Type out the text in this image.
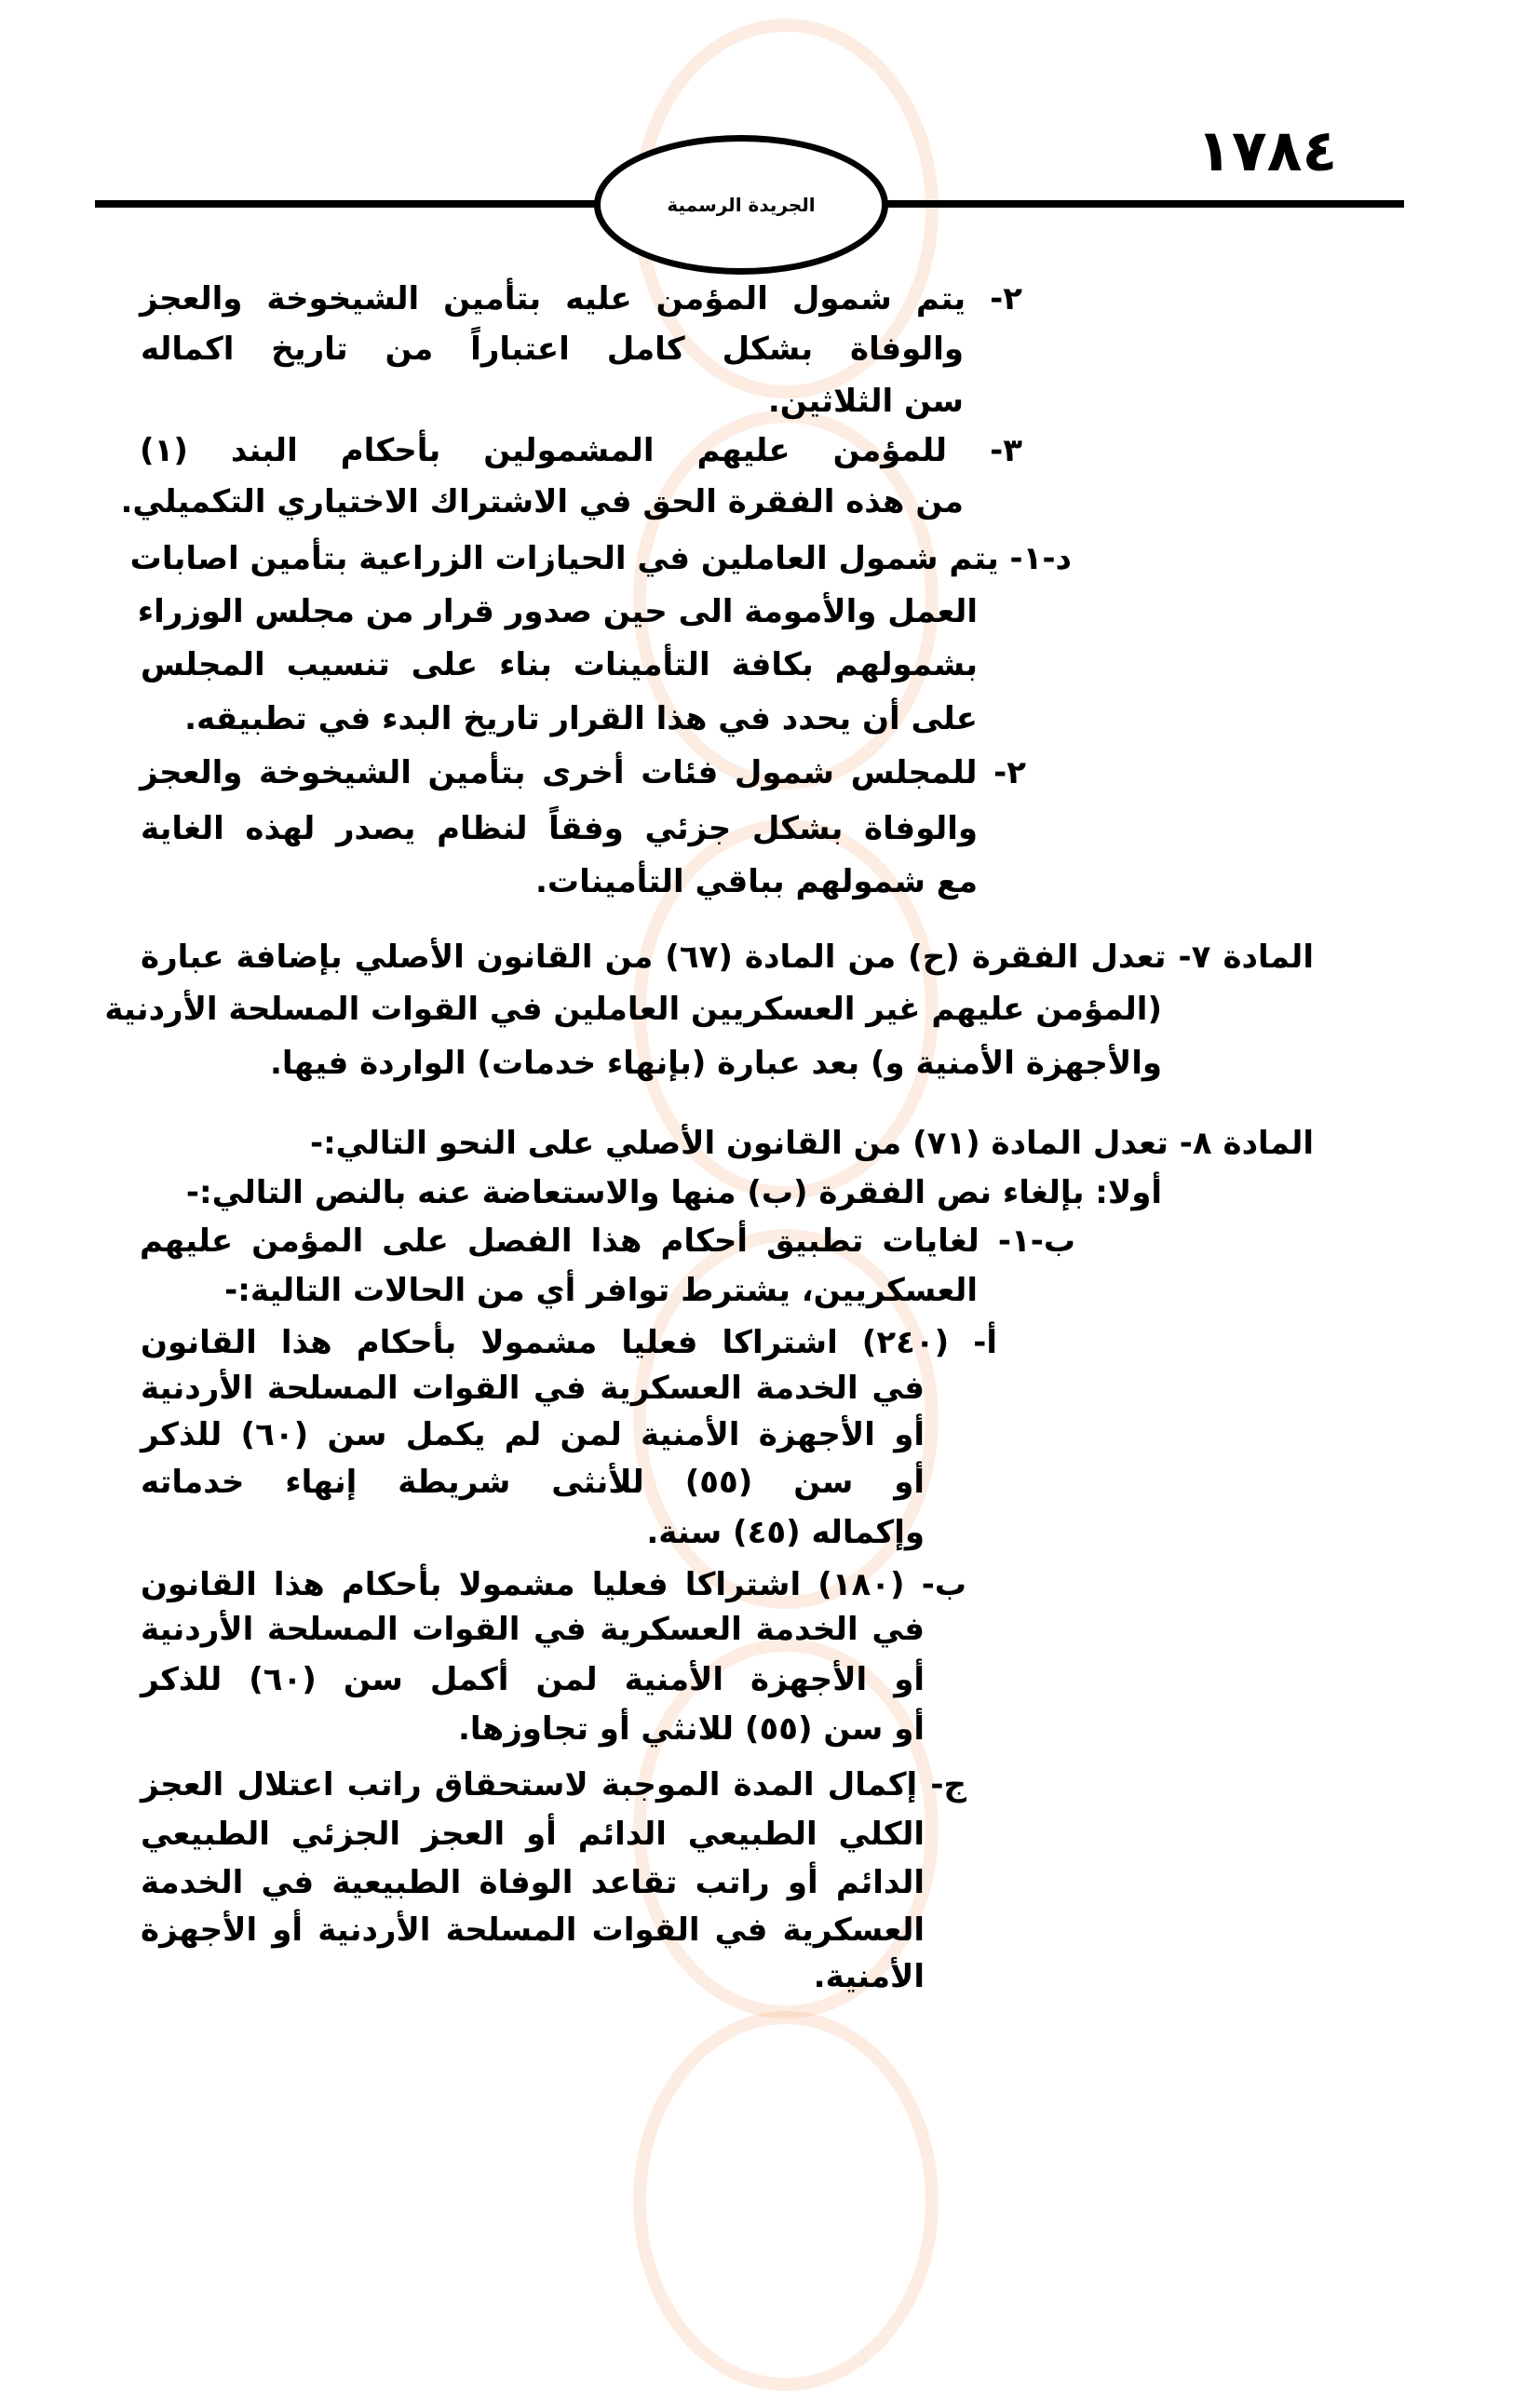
١٧٨٤
الجريدة الرسمية
٢- يتم شمول المؤمن عليه بتأمين الشيخوخة والعجز
والوفاة بشكل كامل اعتباراً من تاريخ اكماله
سن الثلاثين.
٣- للمؤمن عليهم المشمولين بأحكام البند (١)
من هذه الفقرة الحق في الاشتراك الاختياري التكميلي.
د-١- يتم شمول العاملين في الحيازات الزراعية بتأمين اصابات
العمل والأمومة الى حين صدور قرار من مجلس الوزراء
بشمولهم بكافة التأمينات بناء على تنسيب المجلس
على أن يحدد في هذا القرار تاريخ البدء في تطبيقه.
٢- للمجلس شمول فئات أخرى بتأمين الشيخوخة والعجز
والوفاة بشكل جزئي وفقاً لنظام يصدر لهذه الغاية
مع شمولهم بباقي التأمينات.
المادة ٧- تعدل الفقرة (ح) من المادة (٦٧) من القانون الأصلي بإضافة عبارة
(المؤمن عليهم غير العسكريين العاملين في القوات المسلحة الأردنية
والأجهزة الأمنية و) بعد عبارة (بإنهاء خدمات) الواردة فيها.
المادة ٨- تعدل المادة (٧١) من القانون الأصلي على النحو التالي:-
أولا: بإلغاء نص الفقرة (ب) منها والاستعاضة عنه بالنص التالي:-
ب-١- لغايات تطبيق أحكام هذا الفصل على المؤمن عليهم
العسكريين، يشترط توافر أي من الحالات التالية:-
أ- (٢٤٠) اشتراكا فعليا مشمولا بأحكام هذا القانون
في الخدمة العسكرية في القوات المسلحة الأردنية
أو الأجهزة الأمنية لمن لم يكمل سن (٦٠) للذكر
أو سن (٥٥) للأنثى شريطة إنهاء خدماته
وإكماله (٤٥) سنة.
ب- (١٨٠) اشتراكا فعليا مشمولا بأحكام هذا القانون
في الخدمة العسكرية في القوات المسلحة الأردنية
أو الأجهزة الأمنية لمن أكمل سن (٦٠) للذكر
أو سن (٥٥) للانثي أو تجاوزها.
ج- إكمال المدة الموجبة لاستحقاق راتب اعتلال العجز
الكلي الطبيعي الدائم أو العجز الجزئي الطبيعي
الدائم أو راتب تقاعد الوفاة الطبيعية في الخدمة
العسكرية في القوات المسلحة الأردنية أو الأجهزة
الأمنية.
